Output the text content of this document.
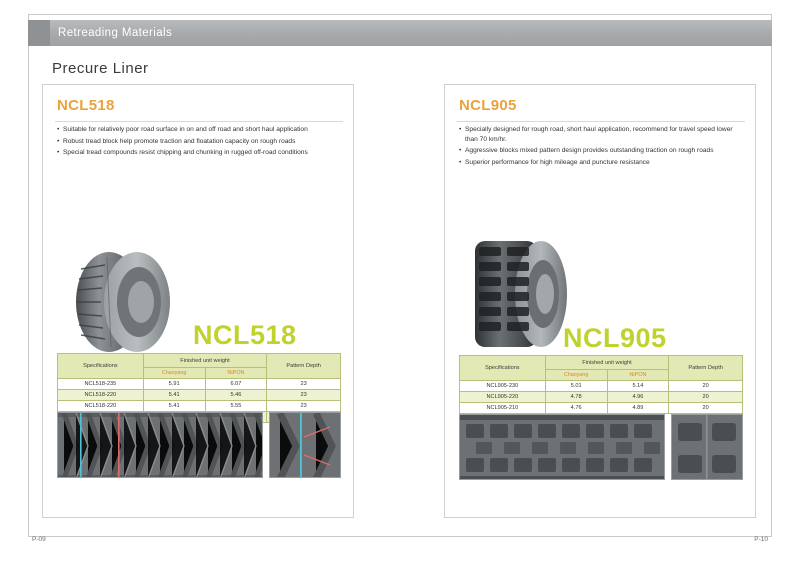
Retreading Materials
Precure Liner
NCL518
• Suitable for relatively poor road surface in on and off road and short haul application
• Robust tread block help promote traction and floatation capacity on rough roads
• Special tread compounds resist chipping and chunking in rugged off-road conditions
NCL518
Specifications	Finished unit weight		Pattern Depth
	Chaoyang	NIPON	
NCL518-235	5.91	6.07	23
NCL518-220	5.41	5.46	23
NCL518-220	5.41	5.55	23

NCL905
• Specially designed for rough road, short haul application, recommend for travel speed lower than 70 km/hr.
• Aggressive blocks mixed pattern design provides outstanding traction on rough roads
• Superior performance for high mileage and puncture resistance
NCL905
Specifications	Finished unit weight		Pattern Depth
	Chaoyang	NIPON	
NCL905-230	5.01	5.14	20
NCL905-220	4.78	4.96	20
NCL905-210	4.76	4.89	20
P-09	P-10
